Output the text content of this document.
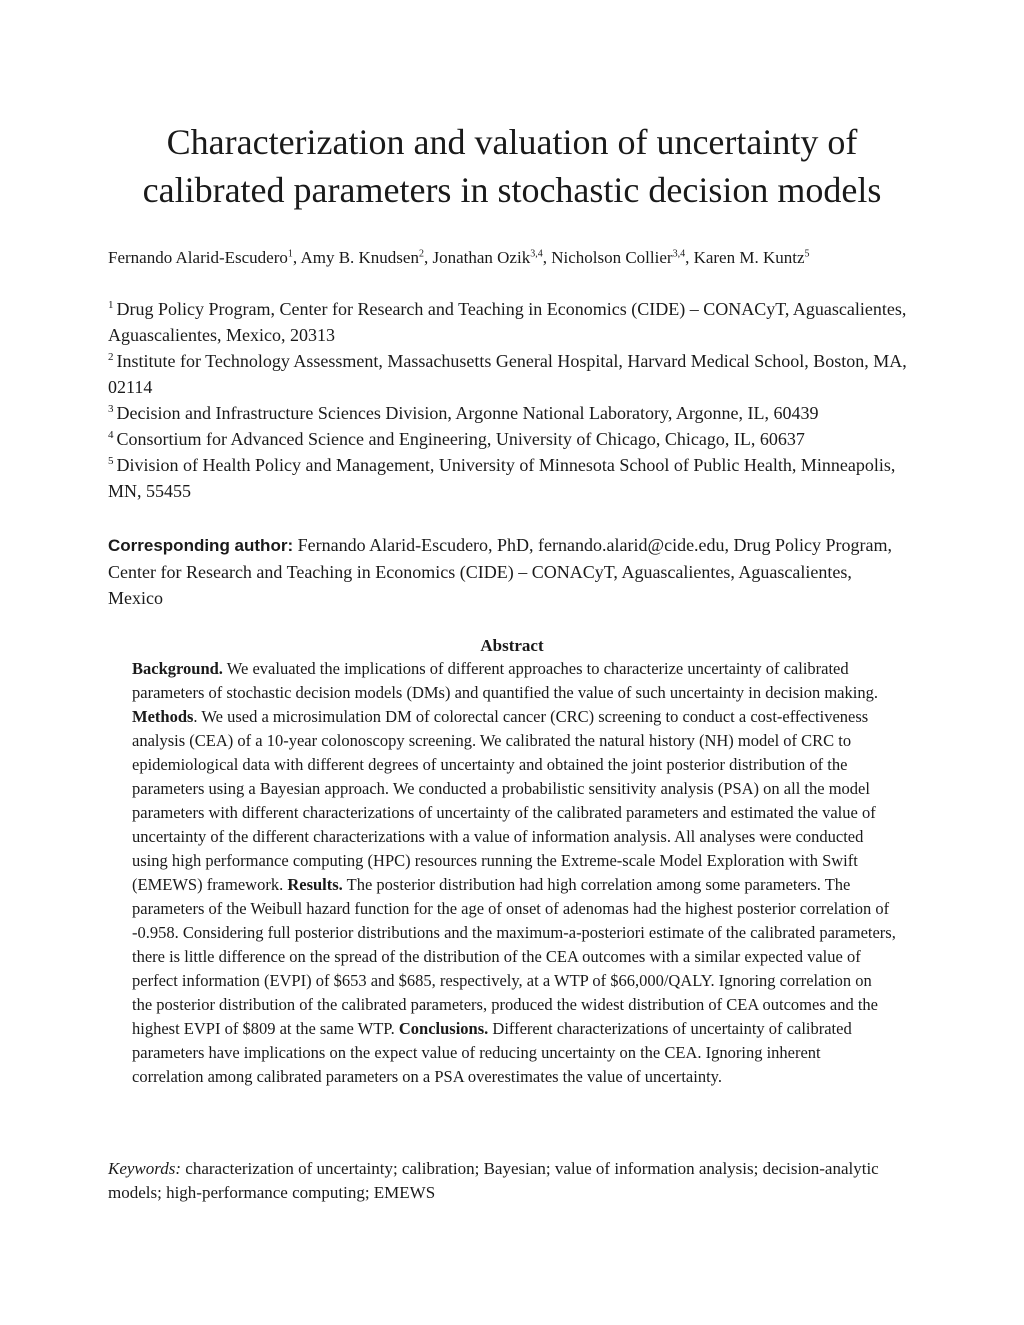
Characterization and valuation of uncertainty of
calibrated parameters in stochastic decision models
Fernando Alarid-Escudero$^1$, Amy B. Knudsen$^2$, Jonathan Ozik$^{3,4}$, Nicholson Collier$^{3,4}$, Karen M. Kuntz$^5$

$^1$ Drug Policy Program, Center for Research and Teaching in Economics (CIDE) – CONACyT, Aguascalientes, Aguascalientes, Mexico, 20313

$^2$ Institute for Technology Assessment, Massachusetts General Hospital, Harvard Medical School, Boston, MA, 02114

$^3$ Decision and Infrastructure Sciences Division, Argonne National Laboratory, Argonne, IL, 60439

$^4$ Consortium for Advanced Science and Engineering, University of Chicago, Chicago, IL, 60637

$^5$ Division of Health Policy and Management, University of Minnesota School of Public Health, Minneapolis, MN, 55455

Corresponding author: Fernando Alarid-Escudero, PhD, fernando.alarid@cide.edu, Drug Policy Program, Center for Research and Teaching in Economics (CIDE) – CONACyT, Aguascalientes, Aguascalientes, Mexico
Abstract
Background. We evaluated the implications of different approaches to characterize uncertainty of calibrated parameters of stochastic decision models (DMs) and quantified the value of such uncertainty in decision making. Methods. We used a microsimulation DM of colorectal cancer (CRC) screening to conduct a cost-effectiveness analysis (CEA) of a 10-year colonoscopy screening. We calibrated the natural history (NH) model of CRC to epidemiological data with different degrees of uncertainty and obtained the joint posterior distribution of the parameters using a Bayesian approach. We conducted a probabilistic sensitivity analysis (PSA) on all the model parameters with different characterizations of uncertainty of the calibrated parameters and estimated the value of uncertainty of the different characterizations with a value of information analysis. All analyses were conducted using high performance computing (HPC) resources running the Extreme-scale Model Exploration with Swift (EMEWS) framework. Results. The posterior distribution had high correlation among some parameters. The parameters of the Weibull hazard function for the age of onset of adenomas had the highest posterior correlation of -0.958. Considering full posterior distributions and the maximum-a-posteriori estimate of the calibrated parameters, there is little difference on the spread of the distribution of the CEA outcomes with a similar expected value of perfect information (EVPI) of $653 and $685, respectively, at a WTP of $66,000/QALY. Ignoring correlation on the posterior distribution of the calibrated parameters, produced the widest distribution of CEA outcomes and the highest EVPI of $809 at the same WTP. Conclusions. Different characterizations of uncertainty of calibrated parameters have implications on the expect value of reducing uncertainty on the CEA. Ignoring inherent correlation among calibrated parameters on a PSA overestimates the value of uncertainty.
Keywords: characterization of uncertainty; calibration; Bayesian; value of information analysis; decision-analytic models; high-performance computing; EMEWS
